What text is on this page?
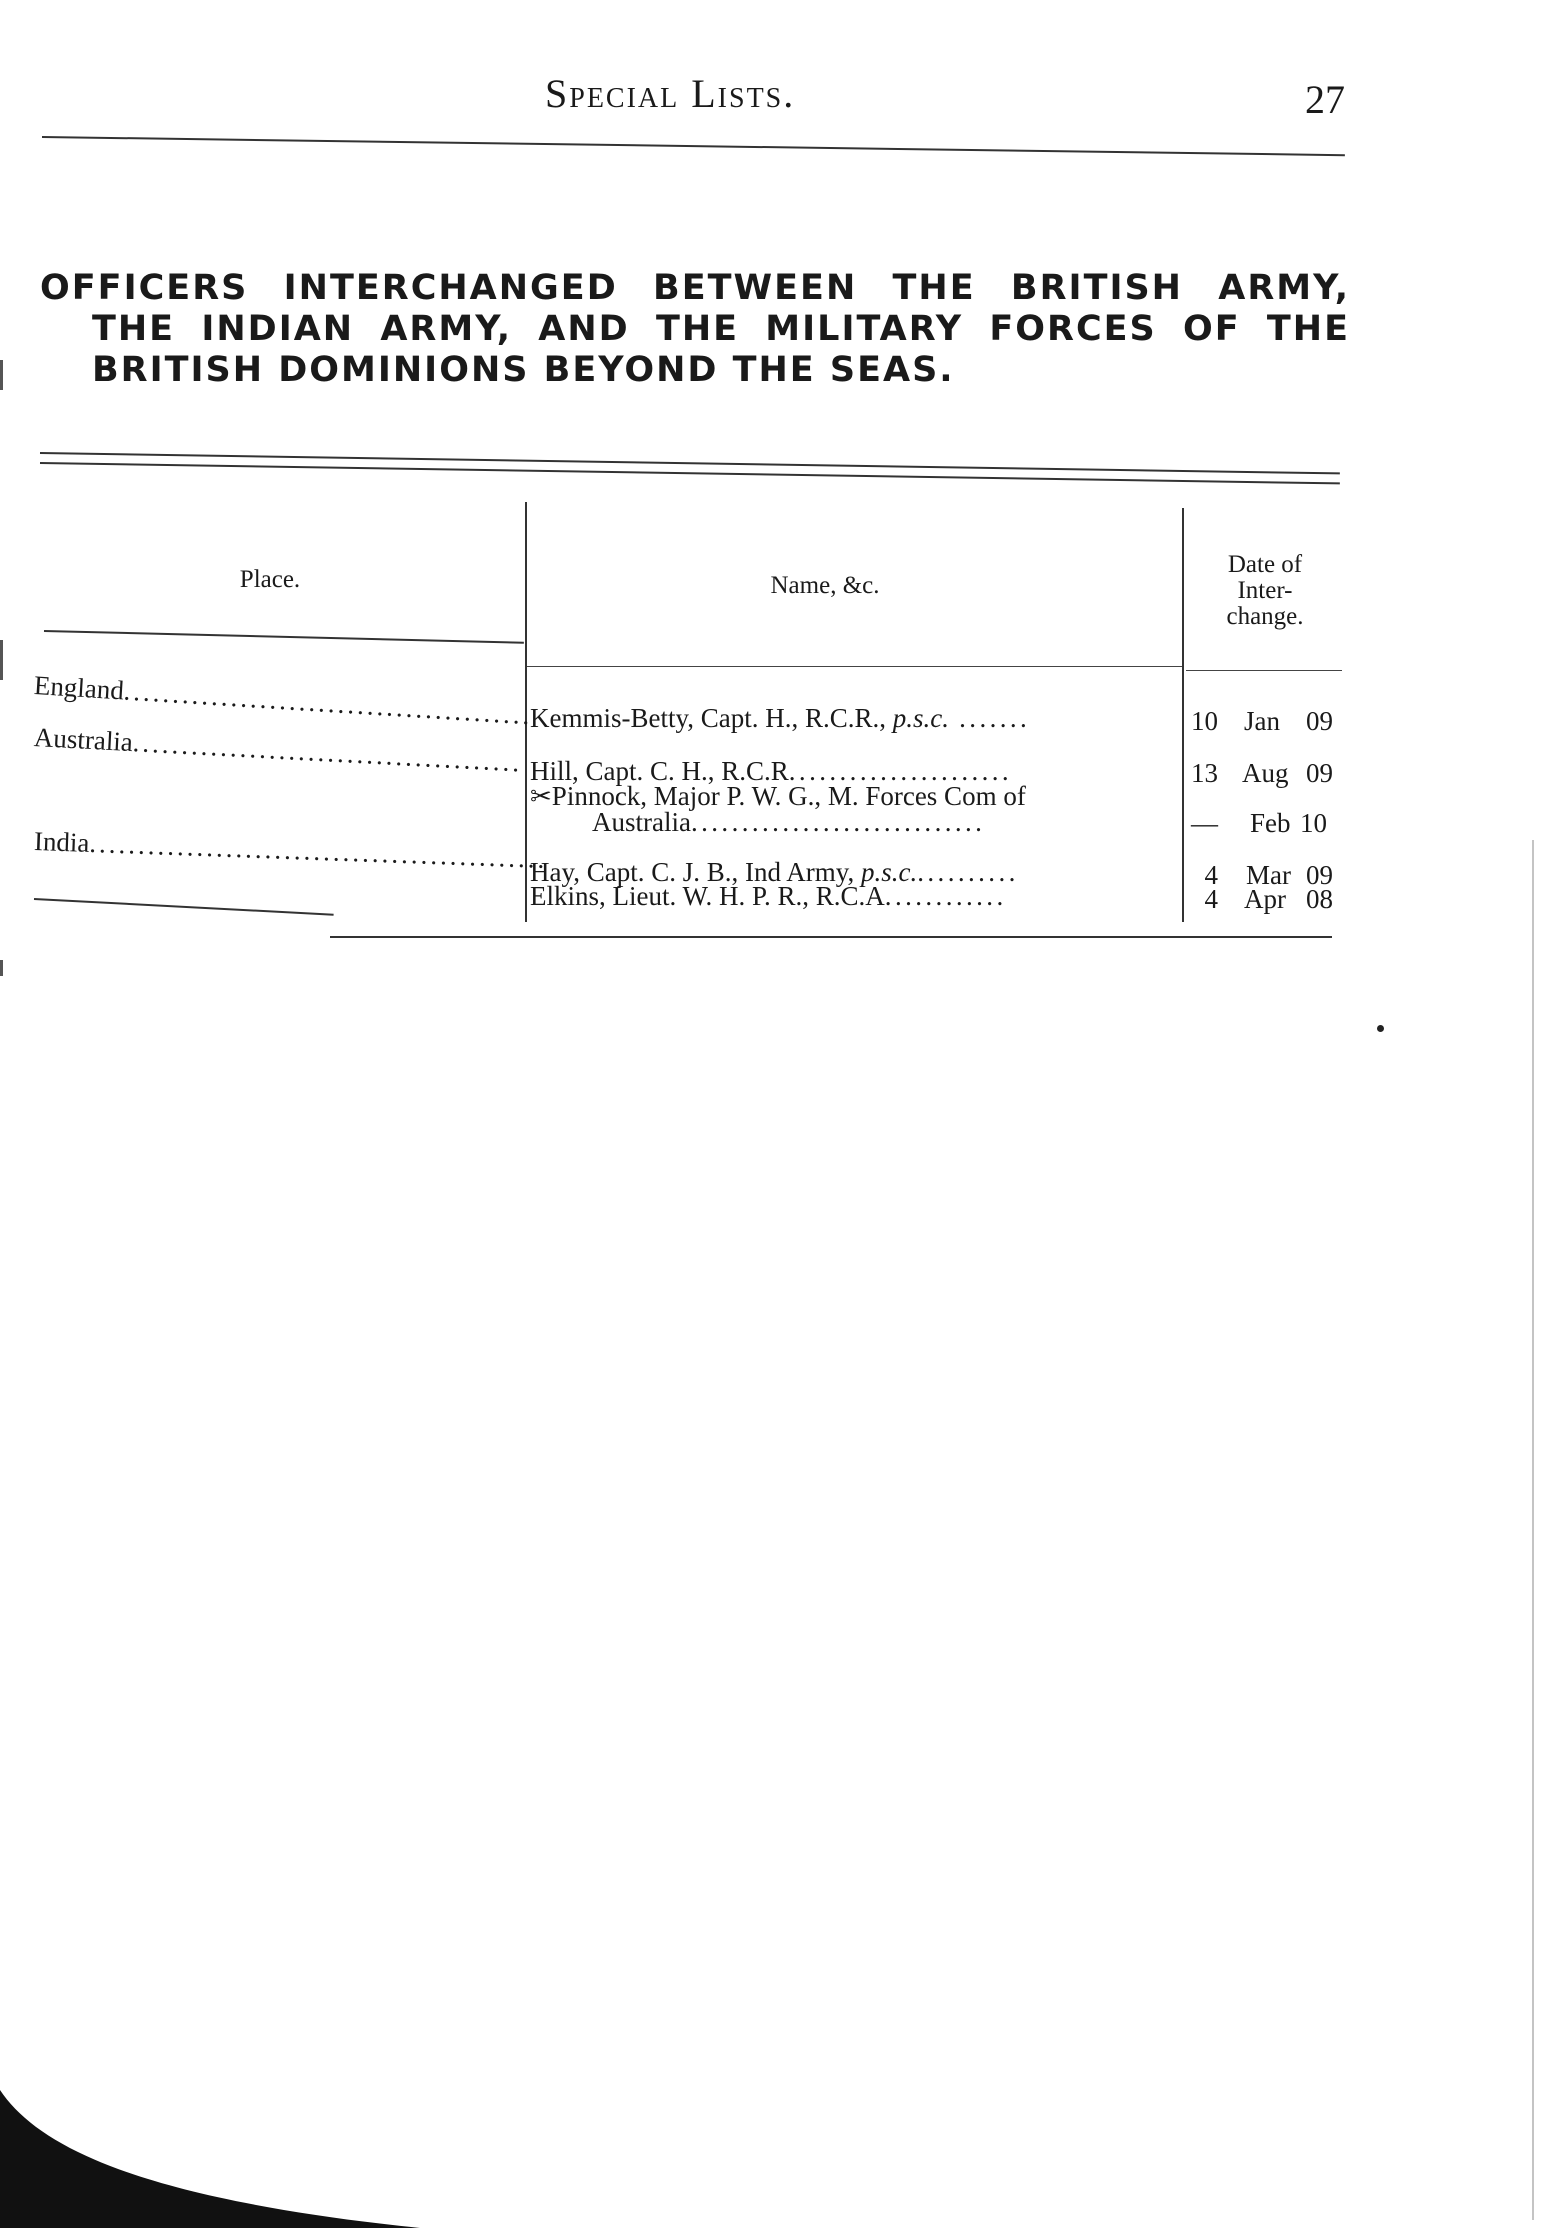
Special Lists.	27
OFFICERS INTERCHANGED BETWEEN THE BRITISH ARMY,
THE INDIAN ARMY, AND THE MILITARY FORCES OF THE
BRITISH DOMINIONS BEYOND THE SEAS.
Place.	Name, &c.
Date of
Inter-
change.
England..........................................
Australia........................................
India...............................................
Kemmis-Betty, Capt. H., R.C.R., p.s.c. .......
Hill, Capt. C. H., R.C.R......................
✂Pinnock, Major P. W. G., M. Forces Com of
Australia.............................
Hay, Capt. C. J. B., Ind Army, p.s.c...........
Elkins, Lieut. W. H. P. R., R.C.A............
10 Jan 09
13 Aug 09
— Feb 10
4 Mar 09
4 Apr 08
